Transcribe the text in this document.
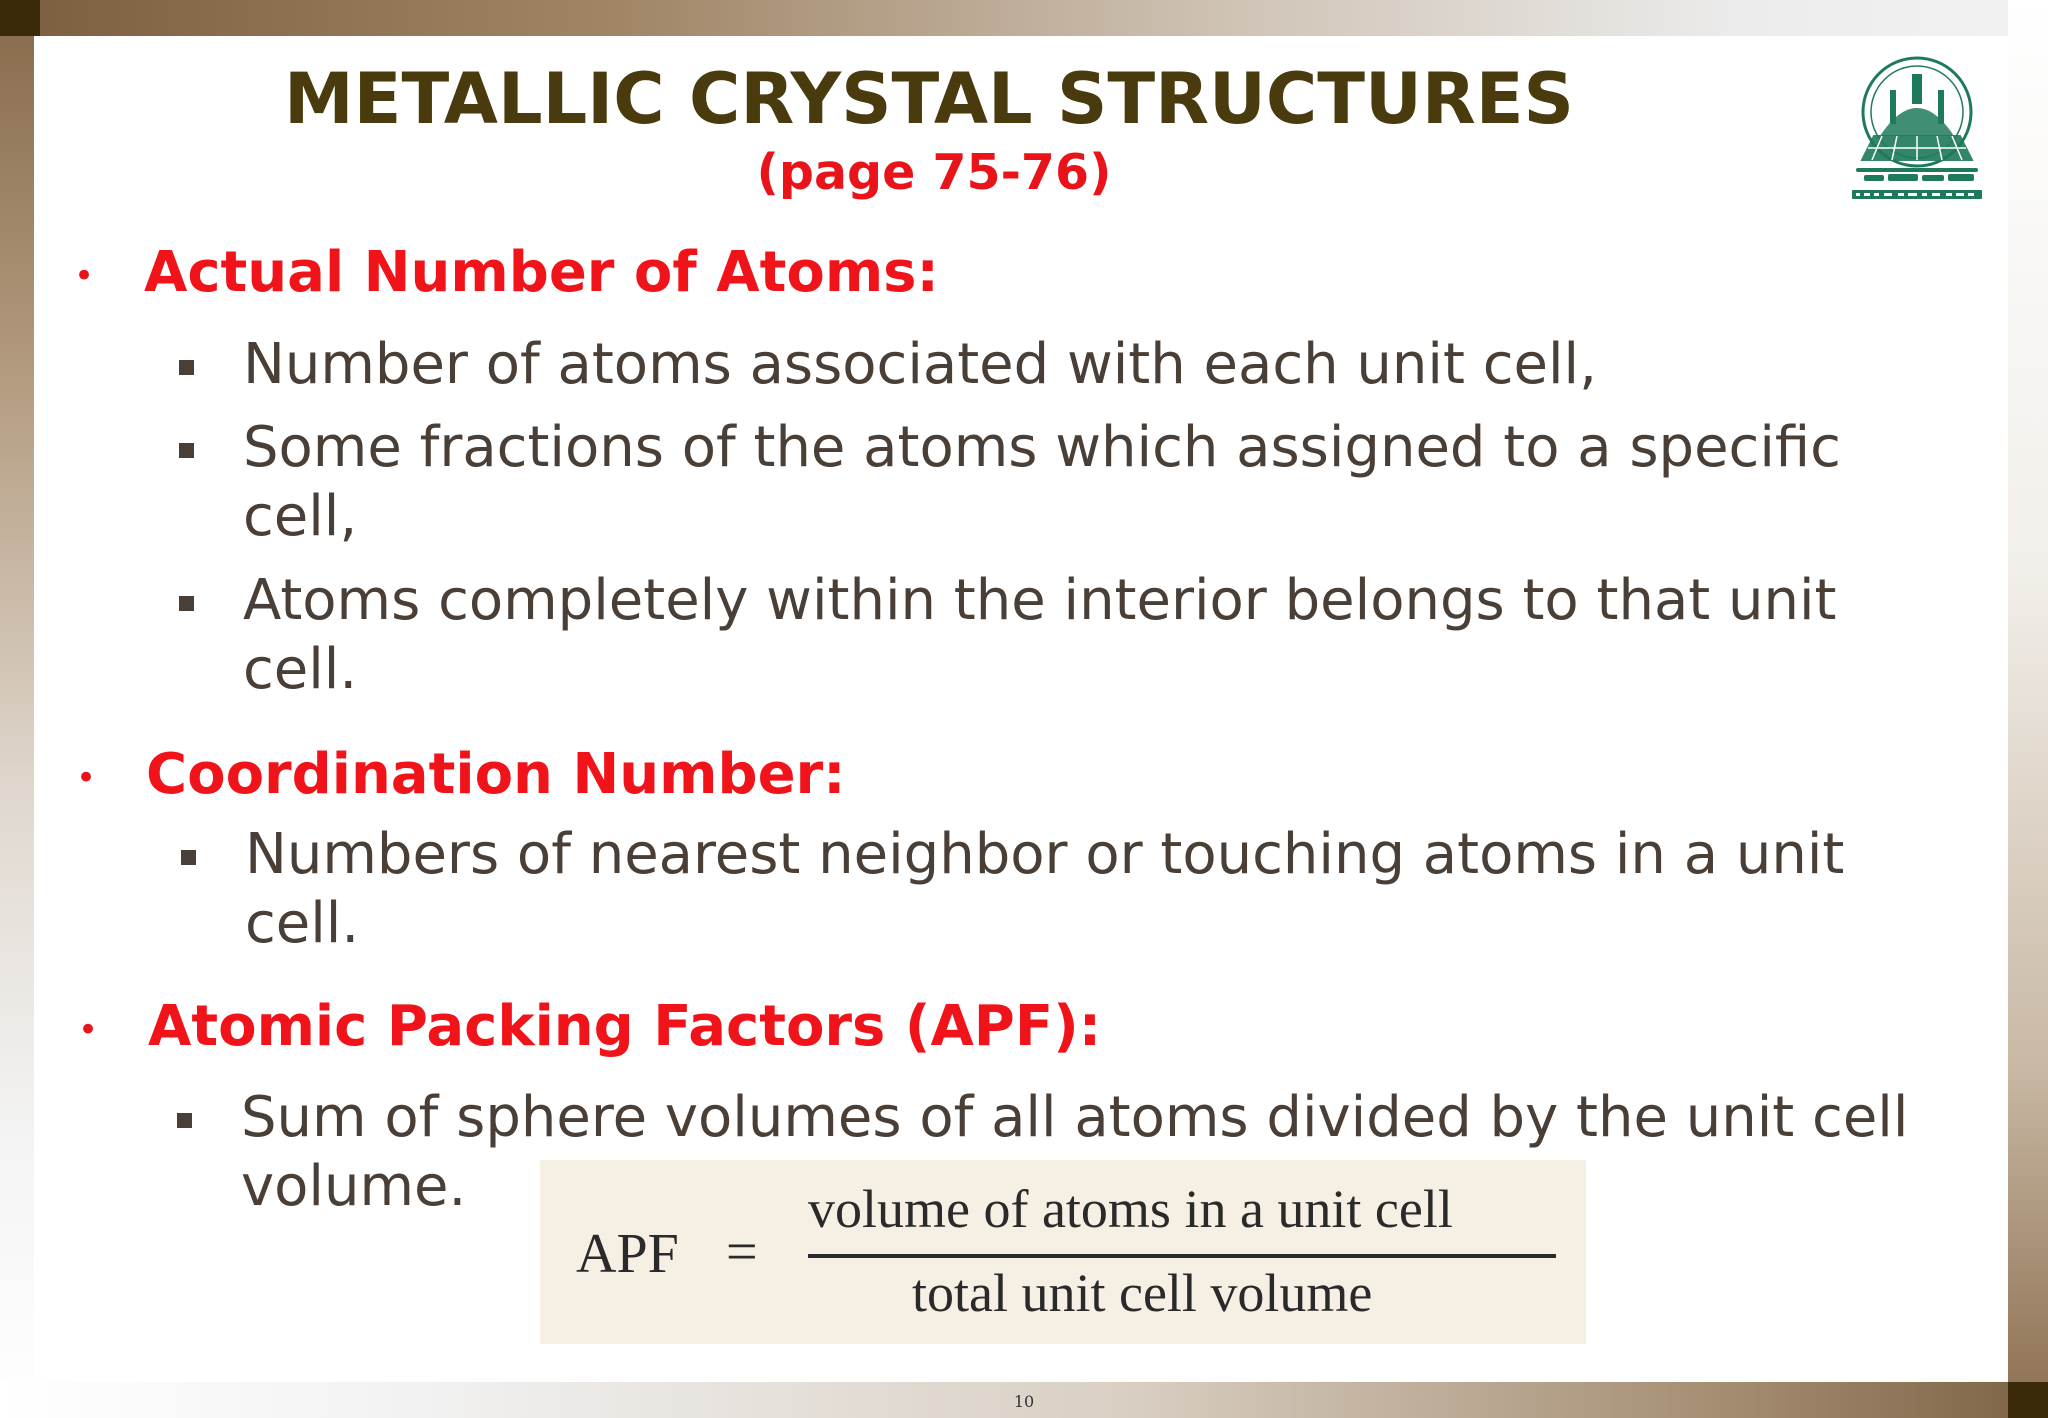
METALLIC CRYSTAL STRUCTURES
(page 75-76)
• Actual Number of Atoms:
Number of atoms associated with each unit cell,
Some fractions of the atoms which assigned to a specific
cell,
Atoms completely within the interior belongs to that unit
cell.
• Coordination Number:
Numbers of nearest neighbor or touching atoms in a unit
cell.
• Atomic Packing Factors (APF):
Sum of sphere volumes of all atoms divided by the unit cell
volume.
APF =
volume of atoms in a unit cell
total unit cell volume
10
